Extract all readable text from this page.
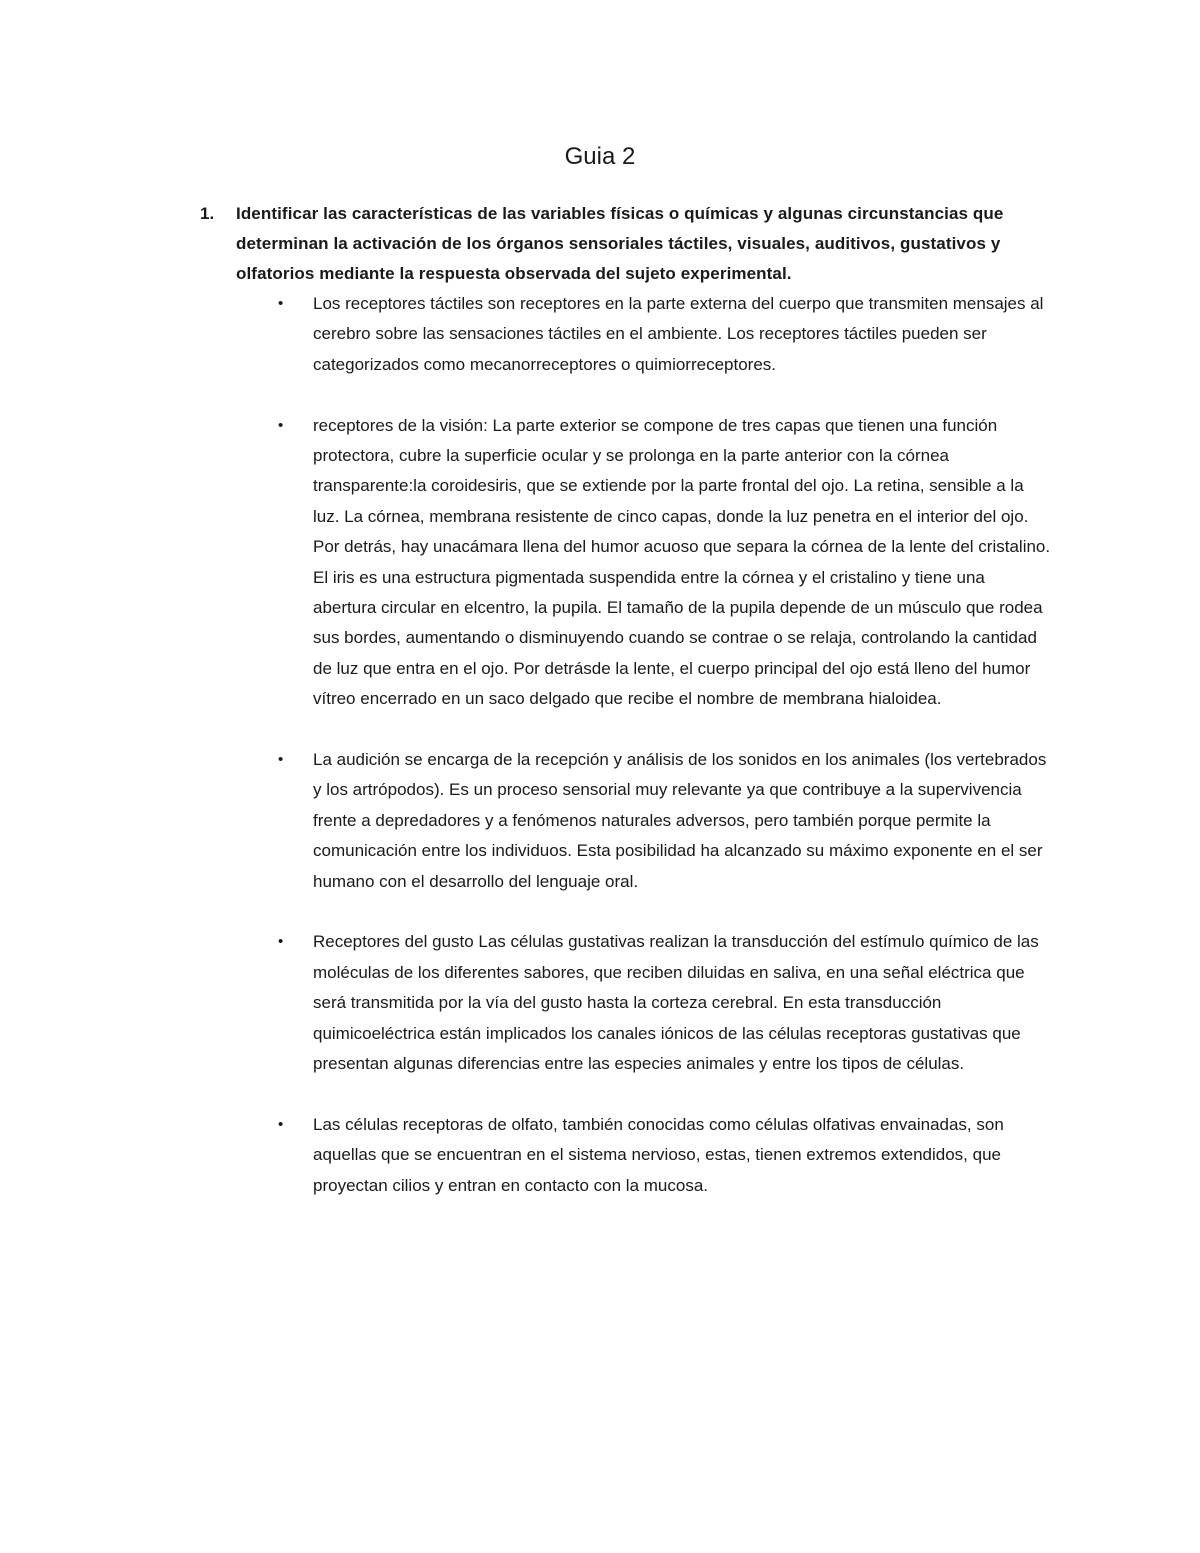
Guia 2
1. Identificar las características de las variables físicas o químicas y algunas circunstancias que determinan la activación de los órganos sensoriales táctiles, visuales, auditivos, gustativos y olfatorios mediante la respuesta observada del sujeto experimental.
• Los receptores táctiles son receptores en la parte externa del cuerpo que transmiten mensajes al cerebro sobre las sensaciones táctiles en el ambiente. Los receptores táctiles pueden ser categorizados como mecanorreceptores o quimiorreceptores.
• receptores de la visión: La parte exterior se compone de tres capas que tienen una función protectora, cubre la superficie ocular y se prolonga en la parte anterior con la córnea transparente:la coroidesiris, que se extiende por la parte frontal del ojo. La retina, sensible a la luz. La córnea, membrana resistente de cinco capas, donde la luz penetra en el interior del ojo. Por detrás, hay unacámara llena del humor acuoso que separa la córnea de la lente del cristalino. El iris es una estructura pigmentada suspendida entre la córnea y el cristalino y tiene una abertura circular en elcentro, la pupila. El tamaño de la pupila depende de un músculo que rodea sus bordes, aumentando o disminuyendo cuando se contrae o se relaja, controlando la cantidad de luz que entra en el ojo. Por detrásde la lente, el cuerpo principal del ojo está lleno del humor vítreo encerrado en un saco delgado que recibe el nombre de membrana hialoidea.
• La audición se encarga de la recepción y análisis de los sonidos en los animales (los vertebrados y los artrópodos). Es un proceso sensorial muy relevante ya que contribuye a la supervivencia frente a depredadores y a fenómenos naturales adversos, pero también porque permite la comunicación entre los individuos. Esta posibilidad ha alcanzado su máximo exponente en el ser humano con el desarrollo del lenguaje oral.
• Receptores del gusto Las células gustativas realizan la transducción del estímulo químico de las moléculas de los diferentes sabores, que reciben diluidas en saliva, en una señal eléctrica que será transmitida por la vía del gusto hasta la corteza cerebral. En esta transducción quimicoeléctrica están implicados los canales iónicos de las células receptoras gustativas que presentan algunas diferencias entre las especies animales y entre los tipos de células.
• Las células receptoras de olfato, también conocidas como células olfativas envainadas, son aquellas que se encuentran en el sistema nervioso, estas, tienen extremos extendidos, que proyectan cilios y entran en contacto con la mucosa.
